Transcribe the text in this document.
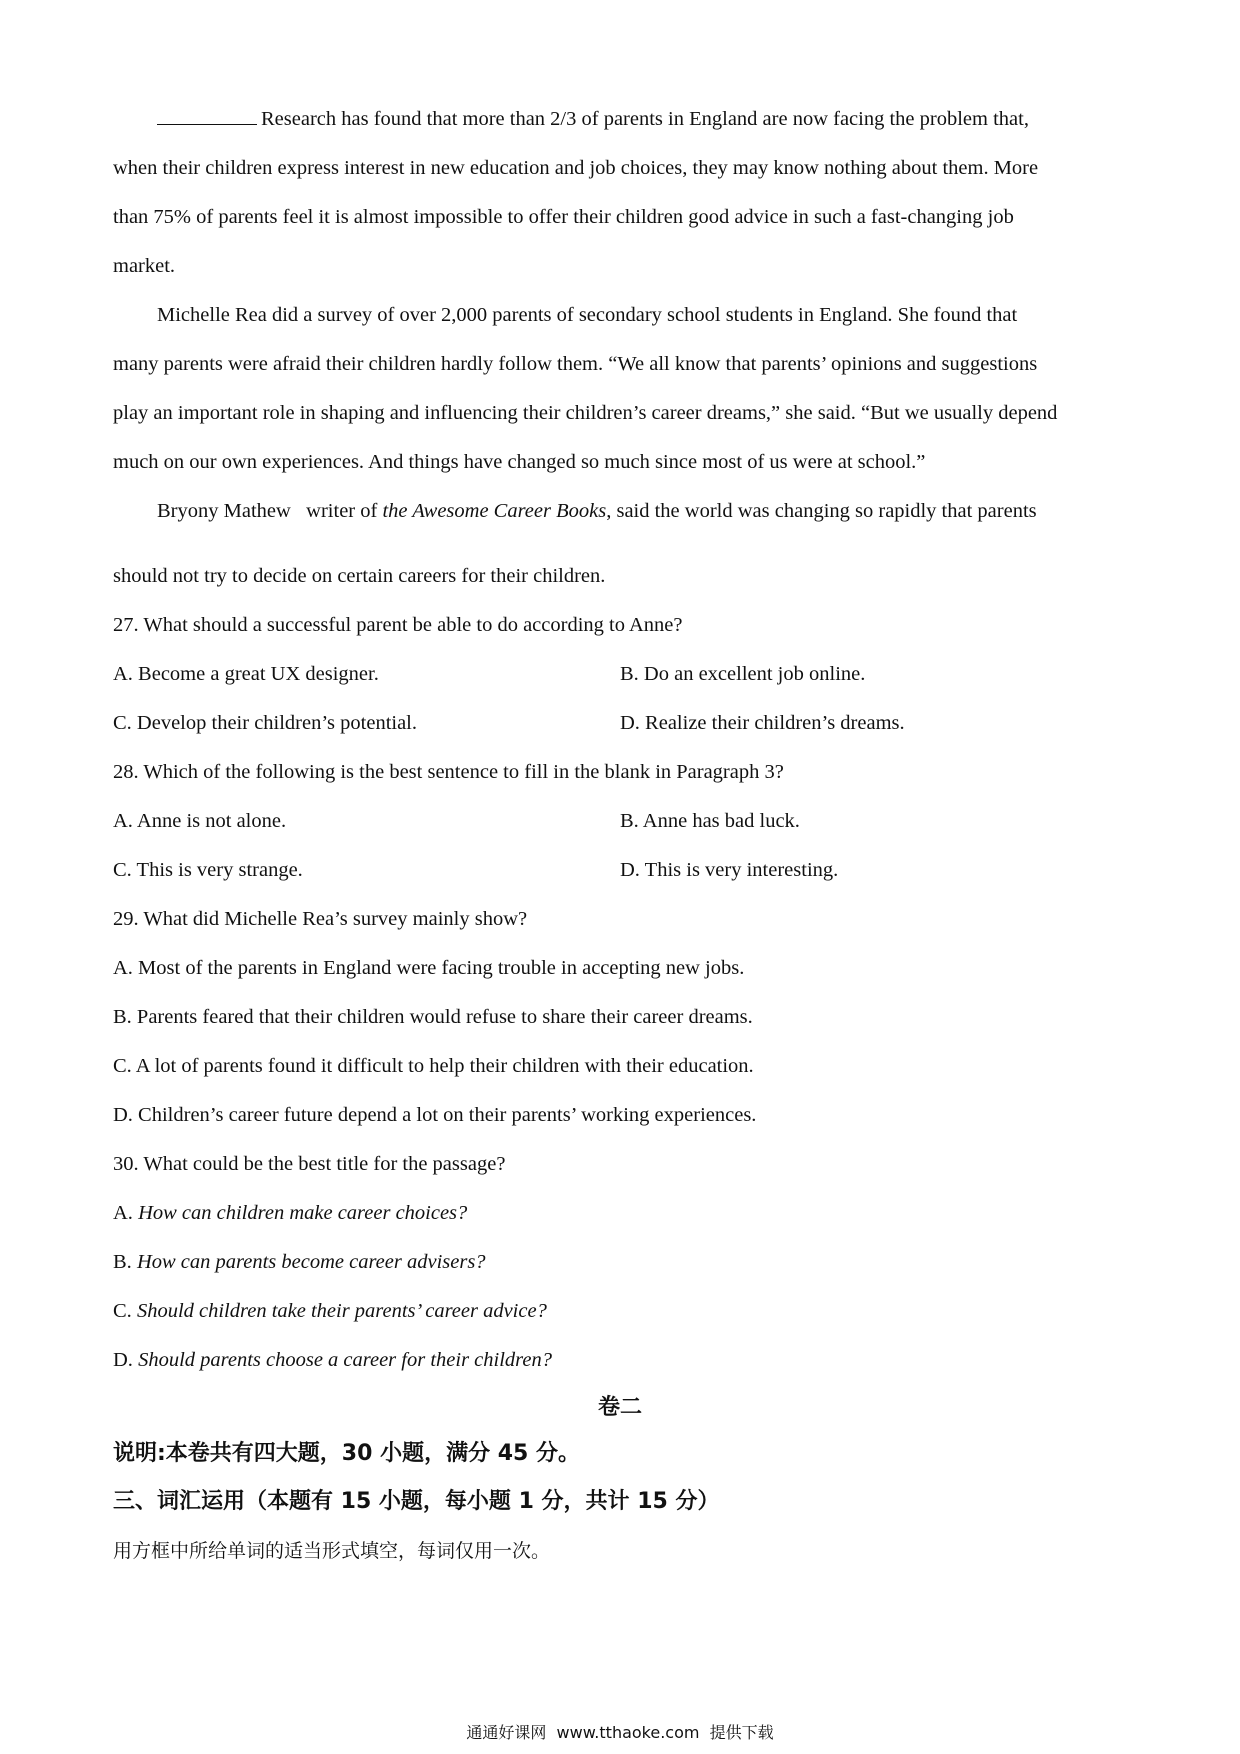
Research has found that more than 2/3 of parents in England are now facing the problem that,
when their children express interest in new education and job choices, they may know nothing about them. More
than 75% of parents feel it is almost impossible to offer their children good advice in such a fast-changing job
market.
Michelle Rea did a survey of over 2,000 parents of secondary school students in England. She found that
many parents were afraid their children hardly follow them. “We all know that parents’ opinions and suggestions
play an important role in shaping and influencing their children’s career dreams,” she said. “But we usually depend
much on our own experiences. And things have changed so much since most of us were at school.”
Bryony Mathew   writer of the Awesome Career Books, said the world was changing so rapidly that parents
should not try to decide on certain careers for their children.
27. What should a successful parent be able to do according to Anne?
A. Become a great UX designer.	B. Do an excellent job online.
C. Develop their children’s potential.	D. Realize their children’s dreams.
28. Which of the following is the best sentence to fill in the blank in Paragraph 3?
A. Anne is not alone.	B. Anne has bad luck.
C. This is very strange.	D. This is very interesting.
29. What did Michelle Rea’s survey mainly show?
A. Most of the parents in England were facing trouble in accepting new jobs.
B. Parents feared that their children would refuse to share their career dreams.
C. A lot of parents found it difficult to help their children with their education.
D. Children’s career future depend a lot on their parents’ working experiences.
30. What could be the best title for the passage?
A. How can children make career choices?
B. How can parents become career advisers?
C. Should children take their parents’ career advice?
D. Should parents choose a career for their children?
卷二
说明:本卷共有四大题，30 小题，满分 45 分。
三、词汇运用（本题有 15 小题，每小题 1 分，共计 15 分）
用方框中所给单词的适当形式填空，每词仅用一次。
通通好课网  www.tthaoke.com  提供下载
